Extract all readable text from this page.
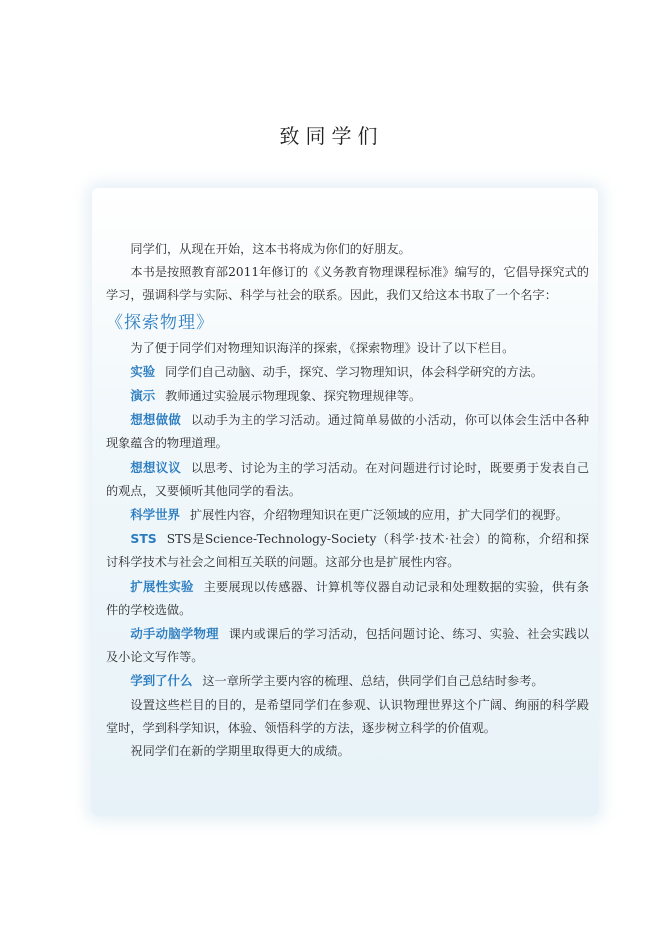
致同学们

同学们，从现在开始，这本书将成为你们的好朋友。

本书是按照教育部2011年修订的《义务教育物理课程标准》编写的，它倡导探究式的学习，强调科学与实际、科学与社会的联系。因此，我们又给这本书取了一个名字：

《探索物理》

为了便于同学们对物理知识海洋的探索，《探索物理》设计了以下栏目。

实验 同学们自己动脑、动手，探究、学习物理知识，体会科学研究的方法。

演示 教师通过实验展示物理现象、探究物理规律等。

想想做做 以动手为主的学习活动。通过简单易做的小活动，你可以体会生活中各种现象蕴含的物理道理。

想想议议 以思考、讨论为主的学习活动。在对问题进行讨论时，既要勇于发表自己的观点，又要倾听其他同学的看法。

科学世界 扩展性内容，介绍物理知识在更广泛领域的应用，扩大同学们的视野。

STS STS是Science-Technology-Society（科学·技术·社会）的简称，介绍和探讨科学技术与社会之间相互关联的问题。这部分也是扩展性内容。

扩展性实验 主要展现以传感器、计算机等仪器自动记录和处理数据的实验，供有条件的学校选做。

动手动脑学物理 课内或课后的学习活动，包括问题讨论、练习、实验、社会实践以及小论文写作等。

学到了什么 这一章所学主要内容的梳理、总结，供同学们自己总结时参考。

设置这些栏目的目的，是希望同学们在参观、认识物理世界这个广阔、绚丽的科学殿堂时，学到科学知识，体验、领悟科学的方法，逐步树立科学的价值观。

祝同学们在新的学期里取得更大的成绩。
